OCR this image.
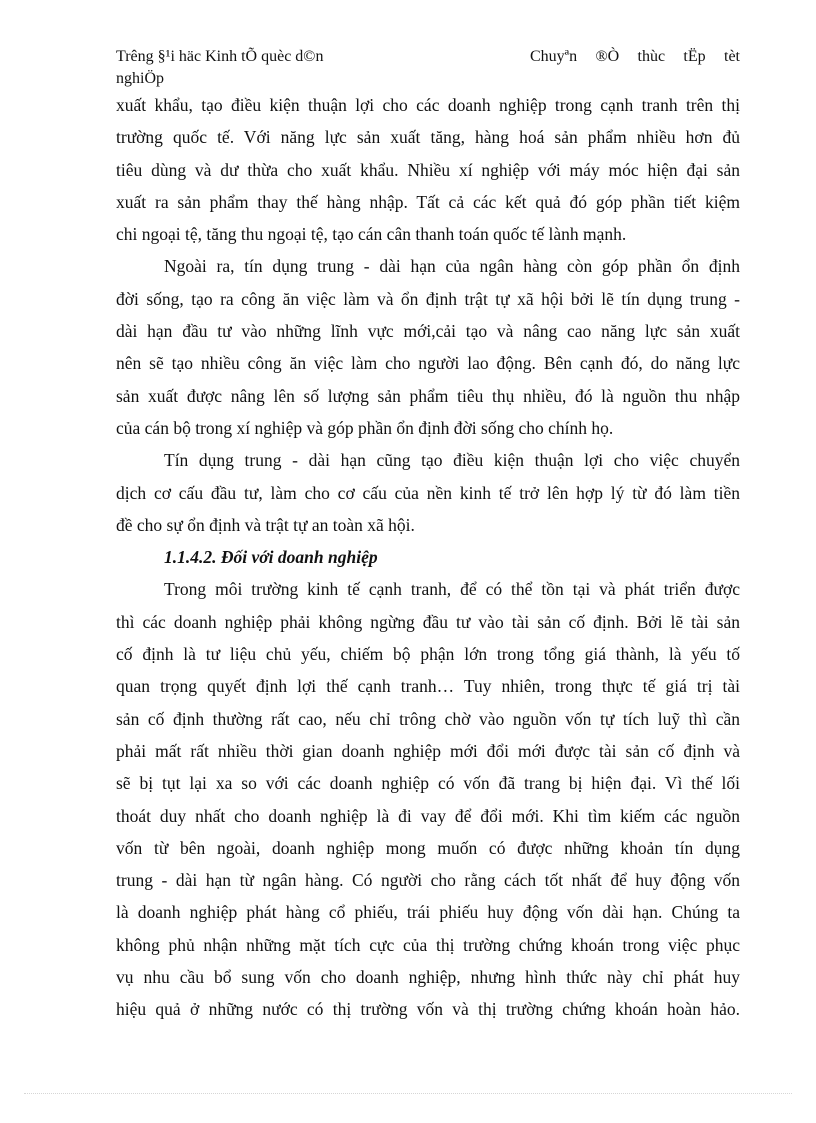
Trêng §¹i häc Kinh tÕ quèc d©n
nghiÖp
Chuyªn ®Ò thùc tËp tèt

xuất khẩu, tạo điều kiện thuận lợi cho các doanh nghiệp trong cạnh tranh trên thị

trường quốc tế. Với năng lực sản xuất tăng, hàng hoá sản phẩm nhiều hơn đủ

tiêu dùng và dư thừa cho xuất khẩu. Nhiều xí nghiệp với máy móc hiện đại sản

xuất ra sản phẩm thay thế hàng nhập. Tất cả các kết quả đó góp phần tiết kiệm

chi ngoại tệ, tăng thu ngoại tệ, tạo cán cân thanh toán quốc tế lành mạnh.

Ngoài ra, tín dụng trung - dài hạn của ngân hàng còn góp phần ổn định

đời sống, tạo ra công ăn việc làm và ổn định trật tự xã hội bởi lẽ tín dụng trung -

dài hạn đầu tư vào những lĩnh vực mới,cải tạo và nâng cao năng lực sản xuất

nên sẽ tạo nhiều công ăn việc làm cho người lao động. Bên cạnh đó, do năng lực

sản xuất được nâng lên số lượng sản phẩm tiêu thụ nhiều, đó là nguồn thu nhập

của cán bộ trong xí nghiệp và góp phần ổn định đời sống cho chính họ.

Tín dụng trung - dài hạn cũng tạo điều kiện thuận lợi cho việc chuyển

dịch cơ cấu đầu tư, làm cho cơ cấu của nền kinh tế trở lên hợp lý từ đó làm tiền

đề cho sự ổn định và trật tự an toàn xã hội.

1.1.4.2. Đối với doanh nghiệp

Trong môi trường kinh tế cạnh tranh, để có thể tồn tại và phát triển được

thì các doanh nghiệp phải không ngừng đầu tư vào tài sản cố định. Bởi lẽ tài sản

cố định là tư liệu chủ yếu, chiếm bộ phận lớn trong tổng giá thành, là yếu tố

quan trọng quyết định lợi thế cạnh tranh… Tuy nhiên, trong thực tế giá trị tài

sản cố định thường rất cao, nếu chỉ trông chờ vào nguồn vốn tự tích luỹ thì cần

phải mất rất nhiều thời gian doanh nghiệp mới đổi mới được tài sản cố định và

sẽ bị tụt lại xa so với các doanh nghiệp có vốn đã trang bị hiện đại. Vì thế lối

thoát duy nhất cho doanh nghiệp là đi vay để đổi mới. Khi tìm kiếm các nguồn

vốn từ bên ngoài, doanh nghiệp mong muốn có được những khoản tín dụng

trung - dài hạn từ ngân hàng. Có người cho rằng cách tốt nhất để huy động vốn

là doanh nghiệp phát hàng cổ phiếu, trái phiếu huy động vốn dài hạn. Chúng ta

không phủ nhận những mặt tích cực của thị trường chứng khoán trong việc phục

vụ nhu cầu bổ sung vốn cho doanh nghiệp, nhưng hình thức này chỉ phát huy

hiệu quả ở những nước có thị trường vốn và thị trường chứng khoán hoàn hảo.
